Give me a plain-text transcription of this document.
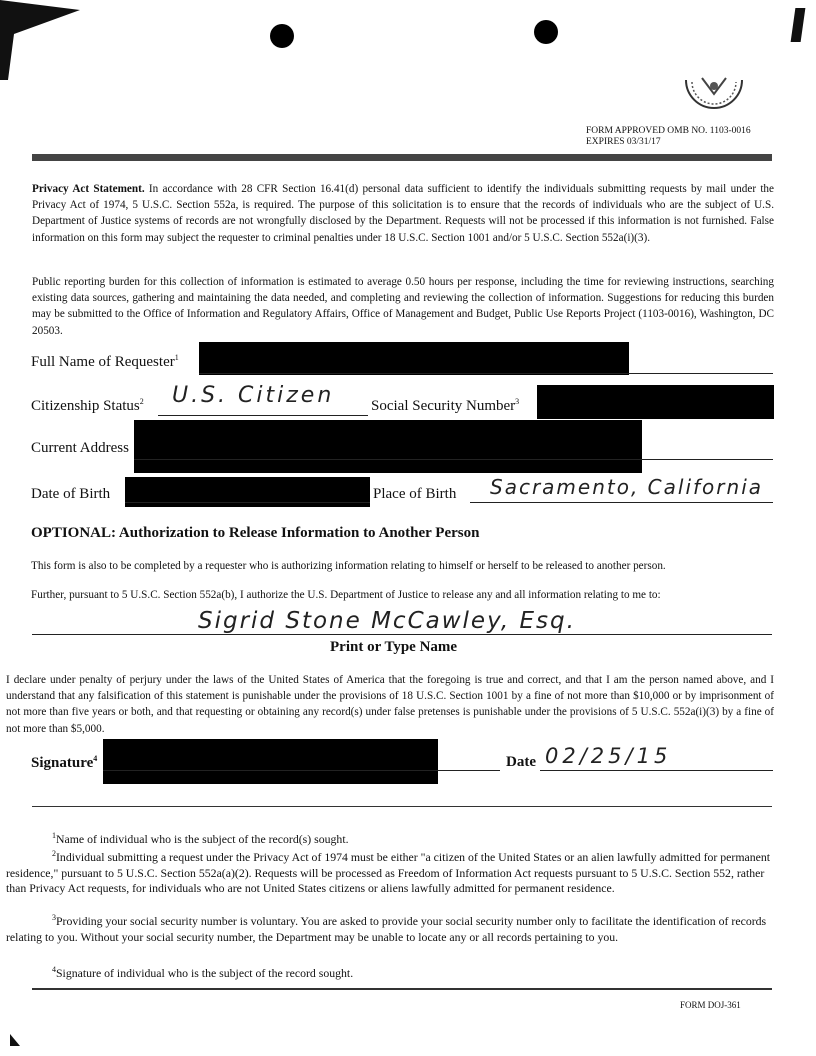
FORM APPROVED OMB NO. 1103-0016
EXPIRES 03/31/17
Privacy Act Statement. In accordance with 28 CFR Section 16.41(d) personal data sufficient to identify the individuals submitting requests by mail under the Privacy Act of 1974, 5 U.S.C. Section 552a, is required. The purpose of this solicitation is to ensure that the records of individuals who are the subject of U.S. Department of Justice systems of records are not wrongfully disclosed by the Department. Requests will not be processed if this information is not furnished. False information on this form may subject the requester to criminal penalties under 18 U.S.C. Section 1001 and/or 5 U.S.C. Section 552a(i)(3).
Public reporting burden for this collection of information is estimated to average 0.50 hours per response, including the time for reviewing instructions, searching existing data sources, gathering and maintaining the data needed, and completing and reviewing the collection of information. Suggestions for reducing this burden may be submitted to the Office of Information and Regulatory Affairs, Office of Management and Budget, Public Use Reports Project (1103-0016), Washington, DC 20503.
Full Name of Requester$^1$
Citizenship Status$^2$ U.S. Citizen Social Security Number$^3$
Current Address
Date of Birth	Place of Birth Sacramento, California
OPTIONAL: Authorization to Release Information to Another Person
This form is also to be completed by a requester who is authorizing information relating to himself or herself to be released to another person.
Further, pursuant to 5 U.S.C. Section 552a(b), I authorize the U.S. Department of Justice to release any and all information relating to me to:
Sigrid Stone McCawley, Esq.
Print or Type Name
I declare under penalty of perjury under the laws of the United States of America that the foregoing is true and correct, and that I am the person named above, and I understand that any falsification of this statement is punishable under the provisions of 18 U.S.C. Section 1001 by a fine of not more than $10,000 or by imprisonment of not more than five years or both, and that requesting or obtaining any record(s) under false pretenses is punishable under the provisions of 5 U.S.C. 552a(i)(3) by a fine of not more than $5,000.
Signature$^4$	Date 02/25/15
$^1$Name of individual who is the subject of the record(s) sought.
$^2$Individual submitting a request under the Privacy Act of 1974 must be either "a citizen of the United States or an alien lawfully admitted for permanent residence," pursuant to 5 U.S.C. Section 552a(a)(2). Requests will be processed as Freedom of Information Act requests pursuant to 5 U.S.C. Section 552, rather than Privacy Act requests, for individuals who are not United States citizens or aliens lawfully admitted for permanent residence.
$^3$Providing your social security number is voluntary. You are asked to provide your social security number only to facilitate the identification of records relating to you. Without your social security number, the Department may be unable to locate any or all records pertaining to you.
$^4$Signature of individual who is the subject of the record sought.
FORM DOJ-361
